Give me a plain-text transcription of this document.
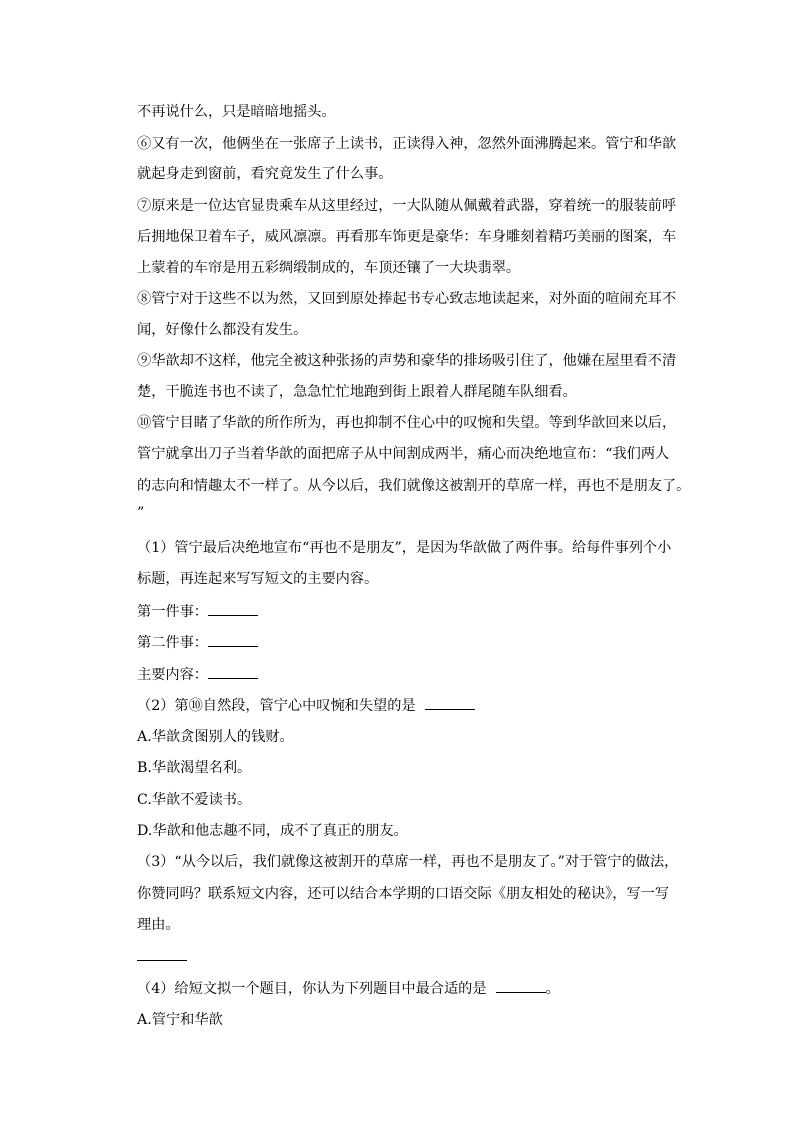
不再说什么，只是暗暗地摇头。
⑥又有一次，他俩坐在一张席子上读书，正读得入神，忽然外面沸腾起来。管宁和华歆
就起身走到窗前，看究竟发生了什么事。
⑦原来是一位达官显贵乘车从这里经过，一大队随从佩戴着武器，穿着统一的服装前呼
后拥地保卫着车子，威风凛凛。再看那车饰更是豪华：车身雕刻着精巧美丽的图案，车
上蒙着的车帘是用五彩绸缎制成的，车顶还镶了一大块翡翠。
⑧管宁对于这些不以为然，又回到原处捧起书专心致志地读起来，对外面的喧闹充耳不
闻，好像什么都没有发生。
⑨华歆却不这样，他完全被这种张扬的声势和豪华的排场吸引住了，他嫌在屋里看不清
楚，干脆连书也不读了，急急忙忙地跑到街上跟着人群尾随车队细看。
⑩管宁目睹了华歆的所作所为，再也抑制不住心中的叹惋和失望。等到华歆回来以后，
管宁就拿出刀子当着华歆的面把席子从中间割成两半，痛心而决绝地宣布：“我们两人
的志向和情趣太不一样了。从今以后，我们就像这被割开的草席一样，再也不是朋友了。
”
（1）管宁最后决绝地宣布“再也不是朋友”，是因为华歆做了两件事。给每件事列个小
标题，再连起来写写短文的主要内容。
第一件事：
第二件事：
主要内容：
（2）第⑩自然段，管宁心中叹惋和失望的是
A.华歆贪图别人的钱财。
B.华歆渴望名利。
C.华歆不爱读书。
D.华歆和他志趣不同，成不了真正的朋友。
（3）“从今以后，我们就像这被割开的草席一样，再也不是朋友了。”对于管宁的做法，
你赞同吗？联系短文内容，还可以结合本学期的口语交际《朋友相处的秘诀》，写一写
理由。
（4）给短文拟一个题目，你认为下列题目中最合适的是	。
A.管宁和华歆
